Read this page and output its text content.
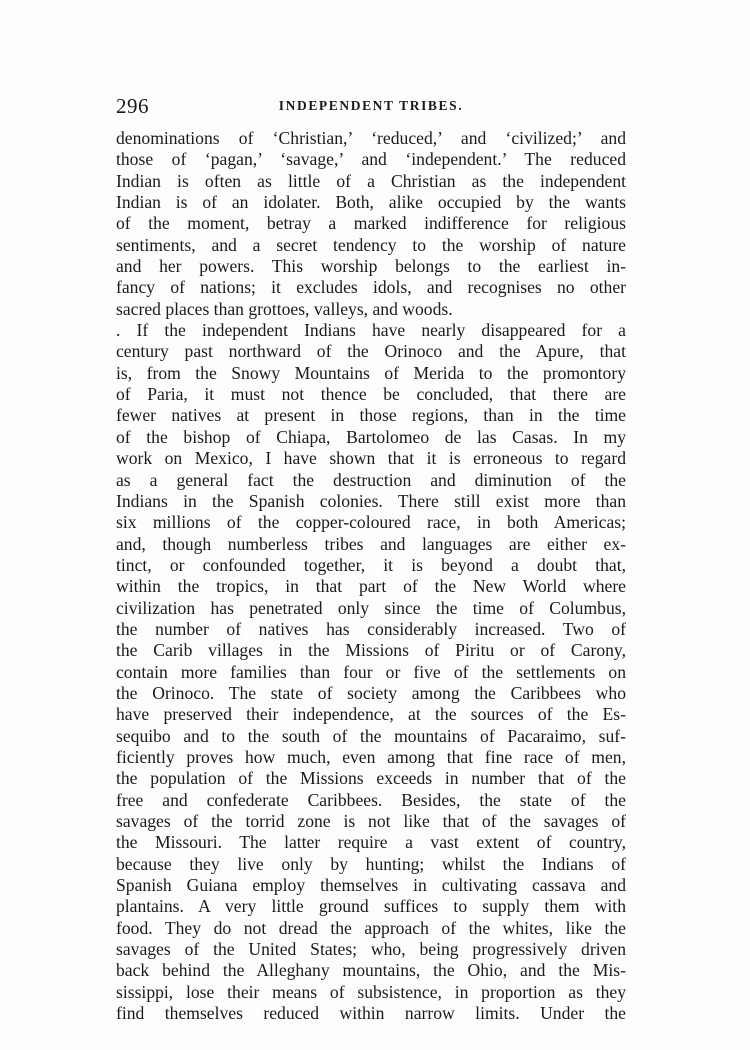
296	INDEPENDENT TRIBES.
denominations of ‘Christian,’ ‘reduced,’ and ‘civilized;’ and
those of ‘pagan,’ ‘savage,’ and ‘independent.’ The reduced
Indian is often as little of a Christian as the independent
Indian is of an idolater. Both, alike occupied by the wants
of the moment, betray a marked indifference for religious
sentiments, and a secret tendency to the worship of nature
and her powers. This worship belongs to the earliest in-
fancy of nations; it excludes idols, and recognises no other
sacred places than grottoes, valleys, and woods.
. If the independent Indians have nearly disappeared for a
century past northward of the Orinoco and the Apure, that
is, from the Snowy Mountains of Merida to the promontory
of Paria, it must not thence be concluded, that there are
fewer natives at present in those regions, than in the time
of the bishop of Chiapa, Bartolomeo de las Casas. In my
work on Mexico, I have shown that it is erroneous to regard
as a general fact the destruction and diminution of the
Indians in the Spanish colonies. There still exist more than
six millions of the copper-coloured race, in both Americas;
and, though numberless tribes and languages are either ex-
tinct, or confounded together, it is beyond a doubt that,
within the tropics, in that part of the New World where
civilization has penetrated only since the time of Columbus,
the number of natives has considerably increased. Two of
the Carib villages in the Missions of Piritu or of Carony,
contain more families than four or five of the settlements on
the Orinoco. The state of society among the Caribbees who
have preserved their independence, at the sources of the Es-
sequibo and to the south of the mountains of Pacaraimo, suf-
ficiently proves how much, even among that fine race of men,
the population of the Missions exceeds in number that of the
free and confederate Caribbees. Besides, the state of the
savages of the torrid zone is not like that of the savages of
the Missouri. The latter require a vast extent of country,
because they live only by hunting; whilst the Indians of
Spanish Guiana employ themselves in cultivating cassava and
plantains. A very little ground suffices to supply them with
food. They do not dread the approach of the whites, like the
savages of the United States; who, being progressively driven
back behind the Alleghany mountains, the Ohio, and the Mis-
sissippi, lose their means of subsistence, in proportion as they
find themselves reduced within narrow limits. Under the
